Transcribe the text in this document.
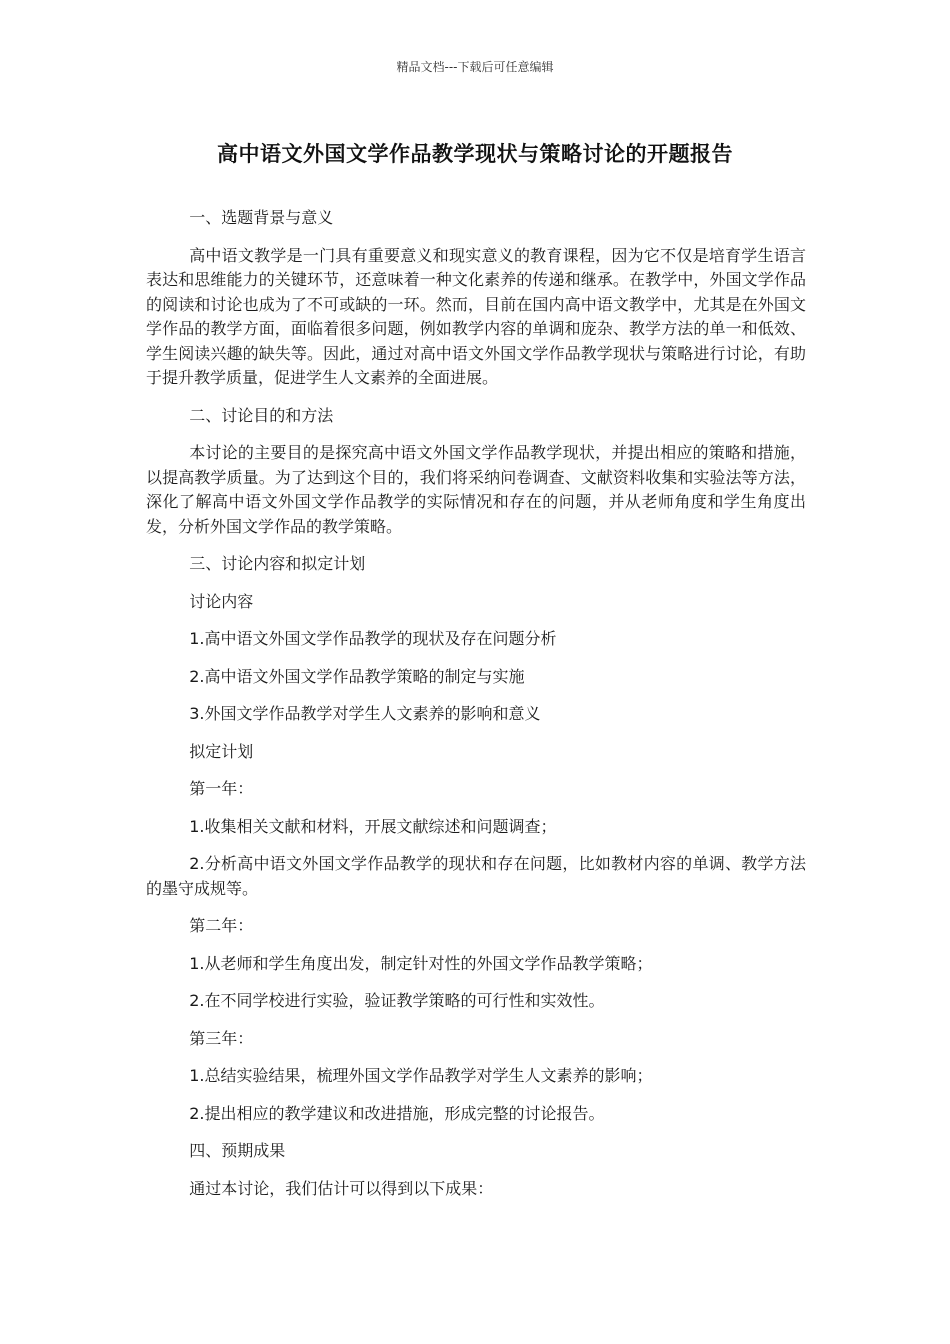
精品文档---下载后可任意编辑
高中语文外国文学作品教学现状与策略讨论的开题报告

一、选题背景与意义

高中语文教学是一门具有重要意义和现实意义的教育课程，因为它不仅是培育学生语言表达和思维能力的关键环节，还意味着一种文化素养的传递和继承。在教学中，外国文学作品的阅读和讨论也成为了不可或缺的一环。然而，目前在国内高中语文教学中，尤其是在外国文学作品的教学方面，面临着很多问题，例如教学内容的单调和庞杂、教学方法的单一和低效、学生阅读兴趣的缺失等。因此，通过对高中语文外国文学作品教学现状与策略进行讨论，有助于提升教学质量，促进学生人文素养的全面进展。

二、讨论目的和方法

本讨论的主要目的是探究高中语文外国文学作品教学现状，并提出相应的策略和措施，以提高教学质量。为了达到这个目的，我们将采纳问卷调查、文献资料收集和实验法等方法，深化了解高中语文外国文学作品教学的实际情况和存在的问题，并从老师角度和学生角度出发，分析外国文学作品的教学策略。

三、讨论内容和拟定计划

讨论内容

1.高中语文外国文学作品教学的现状及存在问题分析

2.高中语文外国文学作品教学策略的制定与实施

3.外国文学作品教学对学生人文素养的影响和意义

拟定计划

第一年：

1.收集相关文献和材料，开展文献综述和问题调查；

2.分析高中语文外国文学作品教学的现状和存在问题，比如教材内容的单调、教学方法的墨守成规等。

第二年：

1.从老师和学生角度出发，制定针对性的外国文学作品教学策略；

2.在不同学校进行实验，验证教学策略的可行性和实效性。

第三年：

1.总结实验结果，梳理外国文学作品教学对学生人文素养的影响；

2.提出相应的教学建议和改进措施，形成完整的讨论报告。

四、预期成果

通过本讨论，我们估计可以得到以下成果：
